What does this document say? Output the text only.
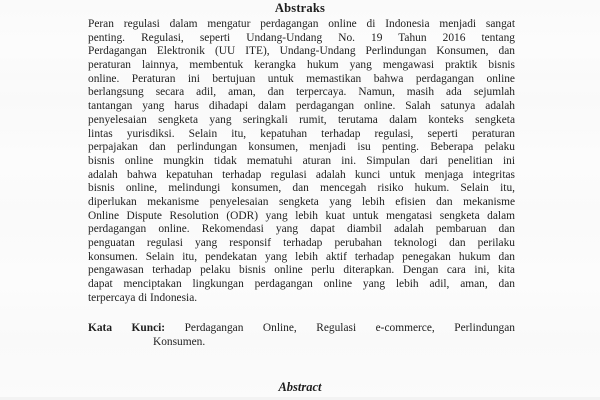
Abstraks
Peran regulasi dalam mengatur perdagangan online di Indonesia menjadi sangat
penting. Regulasi, seperti Undang-Undang No. 19 Tahun 2016 tentang
Perdagangan Elektronik (UU ITE), Undang-Undang Perlindungan Konsumen, dan
peraturan lainnya, membentuk kerangka hukum yang mengawasi praktik bisnis
online. Peraturan ini bertujuan untuk memastikan bahwa perdagangan online
berlangsung secara adil, aman, dan terpercaya. Namun, masih ada sejumlah
tantangan yang harus dihadapi dalam perdagangan online. Salah satunya adalah
penyelesaian sengketa yang seringkali rumit, terutama dalam konteks sengketa
lintas yurisdiksi. Selain itu, kepatuhan terhadap regulasi, seperti peraturan
perpajakan dan perlindungan konsumen, menjadi isu penting. Beberapa pelaku
bisnis online mungkin tidak mematuhi aturan ini. Simpulan dari penelitian ini
adalah bahwa kepatuhan terhadap regulasi adalah kunci untuk menjaga integritas
bisnis online, melindungi konsumen, dan mencegah risiko hukum. Selain itu,
diperlukan mekanisme penyelesaian sengketa yang lebih efisien dan mekanisme
Online Dispute Resolution (ODR) yang lebih kuat untuk mengatasi sengketa dalam
perdagangan online. Rekomendasi yang dapat diambil adalah pembaruan dan
penguatan regulasi yang responsif terhadap perubahan teknologi dan perilaku
konsumen. Selain itu, pendekatan yang lebih aktif terhadap penegakan hukum dan
pengawasan terhadap pelaku bisnis online perlu diterapkan. Dengan cara ini, kita
dapat menciptakan lingkungan perdagangan online yang lebih adil, aman, dan
terpercaya di Indonesia.
Kata Kunci: Perdagangan Online, Regulasi e-commerce, Perlindungan
Konsumen.
Abstract
